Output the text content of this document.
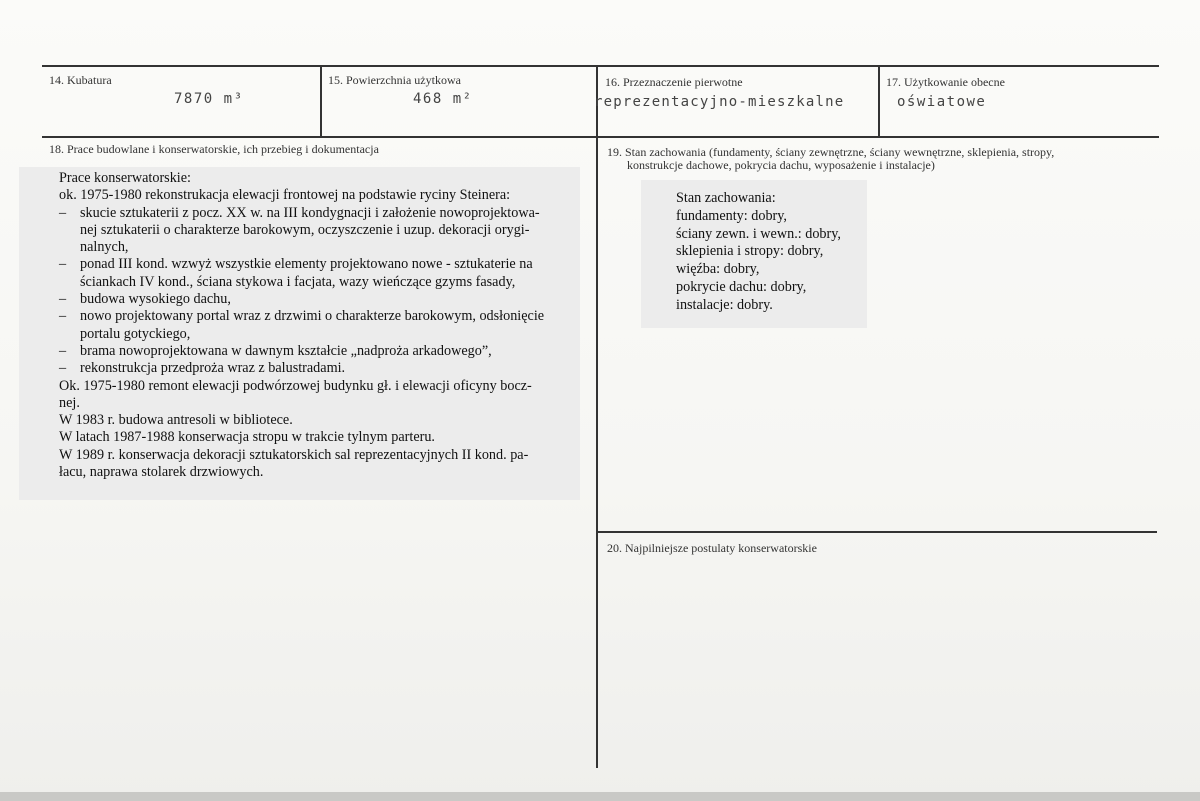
14. Kubatura
7870 m³
15. Powierzchnia użytkowa
468 m²
16. Przeznaczenie pierwotne
reprezentacyjno-mieszkalne
17. Użytkowanie obecne
oświatowe
18. Prace budowlane i konserwatorskie, ich przebieg i dokumentacja
Prace konserwatorskie:
ok. 1975-1980 rekonstrukacja elewacji frontowej na podstawie ryciny Steinera:
– skucie sztukaterii z pocz. XX w. na III kondygnacji i założenie nowoprojektowa-
nej sztukaterii o charakterze barokowym, oczyszczenie i uzup. dekoracji orygi-
nalnych,
– ponad III kond. wzwyż wszystkie elementy projektowano nowe - sztukaterie na
ściankach IV kond., ściana stykowa i facjata, wazy wieńczące gzyms fasady,
– budowa wysokiego dachu,
– nowo projektowany portal wraz z drzwimi o charakterze barokowym, odsłonięcie
portalu gotyckiego,
– brama nowoprojektowana w dawnym kształcie „nadproża arkadowego”,
– rekonstrukcja przedproża wraz z balustradami.
Ok. 1975-1980 remont elewacji podwórzowej budynku gł. i elewacji oficyny bocz-
nej.
W 1983 r. budowa antresoli w bibliotece.
W latach 1987-1988 konserwacja stropu w trakcie tylnym parteru.
W 1989 r. konserwacja dekoracji sztukatorskich sal reprezentacyjnych II kond. pa-
łacu, naprawa stolarek drzwiowych.
19. Stan zachowania (fundamenty, ściany zewnętrzne, ściany wewnętrzne, sklepienia, stropy,
konstrukcje dachowe, pokrycia dachu, wyposażenie i instalacje)
Stan zachowania:
fundamenty: dobry,
ściany zewn. i wewn.: dobry,
sklepienia i stropy: dobry,
więźba: dobry,
pokrycie dachu: dobry,
instalacje: dobry.
20. Najpilniejsze postulaty konserwatorskie
